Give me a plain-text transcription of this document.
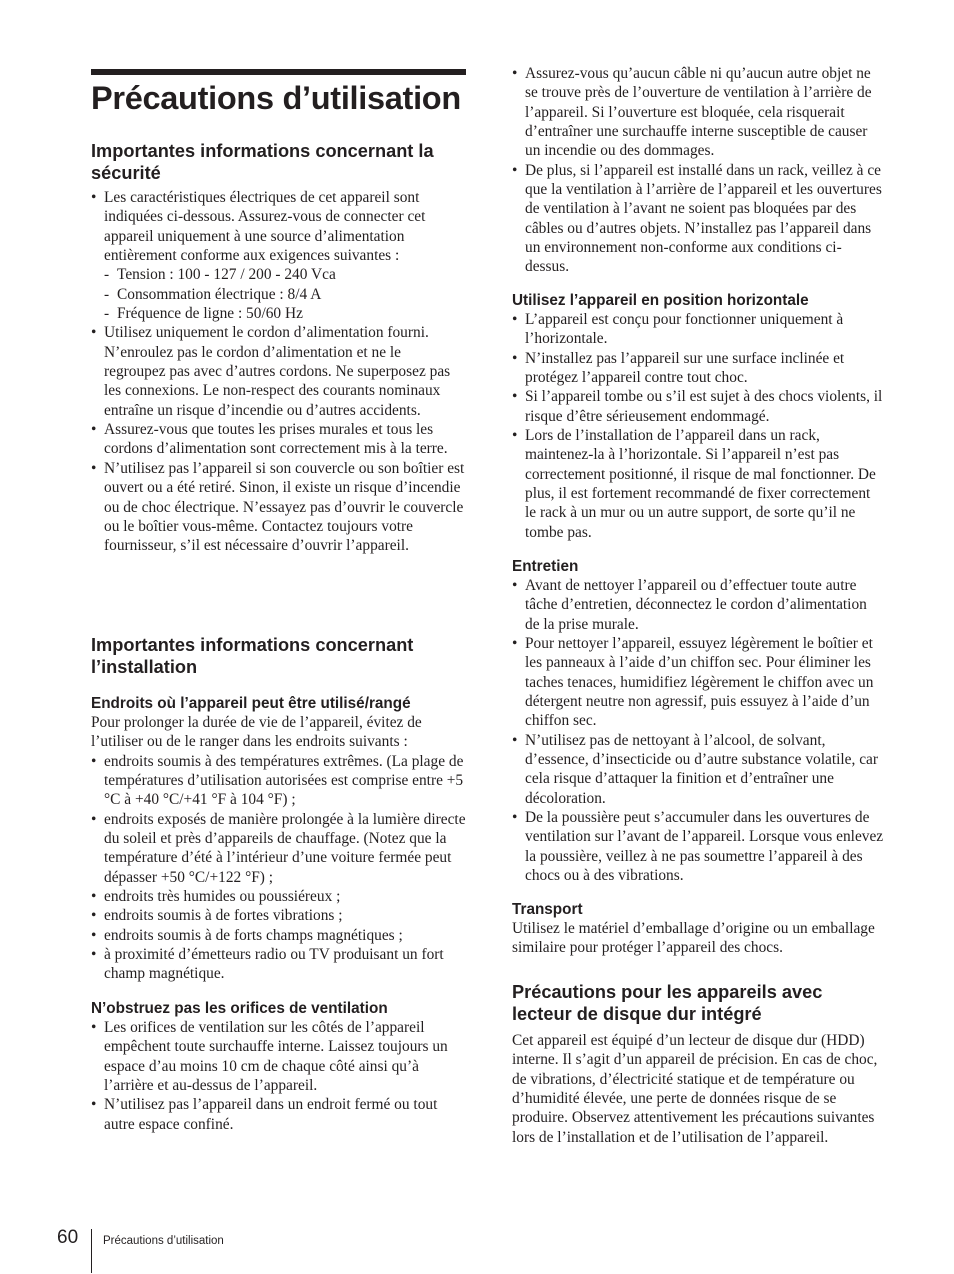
Précautions d’utilisation
Importantes informations concernant la sécurité
• Les caractéristiques électriques de cet appareil sont indiquées ci-dessous. Assurez-vous de connecter cet appareil uniquement à une source d’alimentation entièrement conforme aux exigences suivantes :
- Tension : 100 - 127 / 200 - 240 Vca
- Consommation électrique : 8/4 A
- Fréquence de ligne : 50/60 Hz
• Utilisez uniquement le cordon d’alimentation fourni. N’enroulez pas le cordon d’alimentation et ne le regroupez pas avec d’autres cordons. Ne superposez pas les connexions. Le non-respect des courants nominaux entraîne un risque d’incendie ou d’autres accidents.
• Assurez-vous que toutes les prises murales et tous les cordons d’alimentation sont correctement mis à la terre.
• N’utilisez pas l’appareil si son couvercle ou son boîtier est ouvert ou a été retiré. Sinon, il existe un risque d’incendie ou de choc électrique. N’essayez pas d’ouvrir le couvercle ou le boîtier vous-même. Contactez toujours votre fournisseur, s’il est nécessaire d’ouvrir l’appareil.
Importantes informations concernant l’installation
Endroits où l’appareil peut être utilisé/rangé

Pour prolonger la durée de vie de l’appareil, évitez de l’utiliser ou de le ranger dans les endroits suivants :

• endroits soumis à des températures extrêmes. (La plage de températures d’utilisation autorisées est comprise entre +5 °C à +40 °C/+41 °F à 104 °F) ;
• endroits exposés de manière prolongée à la lumière directe du soleil et près d’appareils de chauffage. (Notez que la température d’été à l’intérieur d’une voiture fermée peut dépasser +50 °C/+122 °F) ;
• endroits très humides ou poussiéreux ;
• endroits soumis à de fortes vibrations ;
• endroits soumis à de forts champs magnétiques ;
• à proximité d’émetteurs radio ou TV produisant un fort champ magnétique.
N’obstruez pas les orifices de ventilation
• Les orifices de ventilation sur les côtés de l’appareil empêchent toute surchauffe interne. Laissez toujours un espace d’au moins 10 cm de chaque côté ainsi qu’à l’arrière et au-dessus de l’appareil.
• N’utilisez pas l’appareil dans un endroit fermé ou tout autre espace confiné.
• Assurez-vous qu’aucun câble ni qu’aucun autre objet ne se trouve près de l’ouverture de ventilation à l’arrière de l’appareil. Si l’ouverture est bloquée, cela risquerait d’entraîner une surchauffe interne susceptible de causer un incendie ou des dommages.
• De plus, si l’appareil est installé dans un rack, veillez à ce que la ventilation à l’arrière de l’appareil et les ouvertures de ventilation à l’avant ne soient pas bloquées par des câbles ou d’autres objets. N’installez pas l’appareil dans un environnement non-conforme aux conditions ci-dessus.
Utilisez l’appareil en position horizontale
• L’appareil est conçu pour fonctionner uniquement à l’horizontale.
• N’installez pas l’appareil sur une surface inclinée et protégez l’appareil contre tout choc.
• Si l’appareil tombe ou s’il est sujet à des chocs violents, il risque d’être sérieusement endommagé.
• Lors de l’installation de l’appareil dans un rack, maintenez-la à l’horizontale. Si l’appareil n’est pas correctement positionné, il risque de mal fonctionner. De plus, il est fortement recommandé de fixer correctement le rack à un mur ou un autre support, de sorte qu’il ne tombe pas.
Entretien
• Avant de nettoyer l’appareil ou d’effectuer toute autre tâche d’entretien, déconnectez le cordon d’alimentation de la prise murale.
• Pour nettoyer l’appareil, essuyez légèrement le boîtier et les panneaux à l’aide d’un chiffon sec. Pour éliminer les taches tenaces, humidifiez légèrement le chiffon avec un détergent neutre non agressif, puis essuyez à l’aide d’un chiffon sec.
• N’utilisez pas de nettoyant à l’alcool, de solvant, d’essence, d’insecticide ou d’autre substance volatile, car cela risque d’attaquer la finition et d’entraîner une décoloration.
• De la poussière peut s’accumuler dans les ouvertures de ventilation sur l’avant de l’appareil. Lorsque vous enlevez la poussière, veillez à ne pas soumettre l’appareil à des chocs ou à des vibrations.
Transport

Utilisez le matériel d’emballage d’origine ou un emballage similaire pour protéger l’appareil des chocs.

Précautions pour les appareils avec lecteur de disque dur intégré

Cet appareil est équipé d’un lecteur de disque dur (HDD) interne. Il s’agit d’un appareil de précision. En cas de choc, de vibrations, d’électricité statique et de température ou d’humidité élevée, une perte de données risque de se produire. Observez attentivement les précautions suivantes lors de l’installation et de l’utilisation de l’appareil.

60 Précautions d’utilisation
